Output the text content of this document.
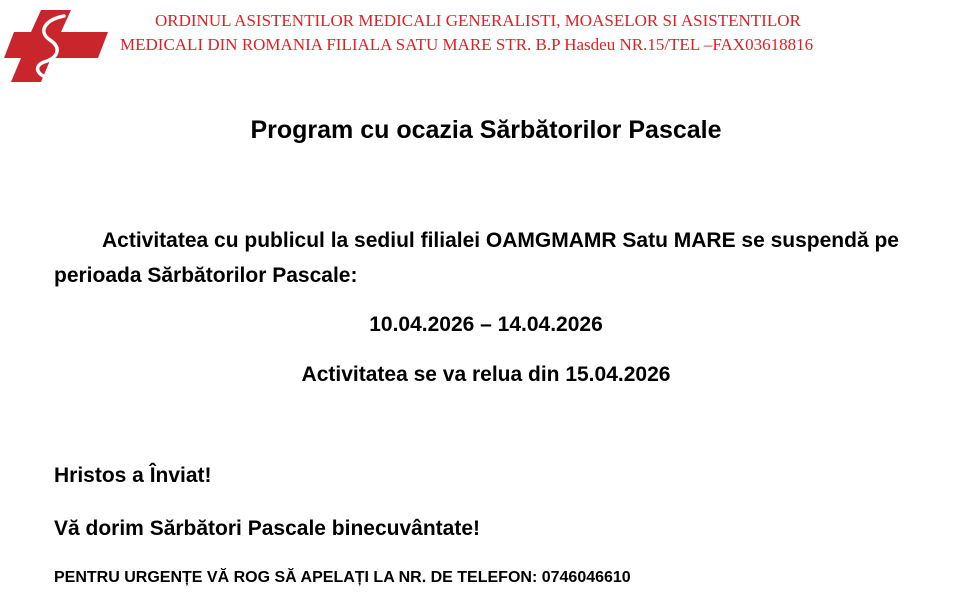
ORDINUL ASISTENTILOR MEDICALI GENERALISTI, MOASELOR SI ASISTENTILOR
MEDICALI DIN ROMANIA FILIALA SATU MARE STR. B.P Hasdeu NR.15/TEL –FAX03618816
Program cu ocazia Sărbătorilor Pascale
Activitatea cu publicul la sediul filialei OAMGMAMR Satu MARE se suspendă pe perioada Sărbătorilor Pascale:
10.04.2026 – 14.04.2026
Activitatea se va relua din 15.04.2026
Hristos a Înviat!
Vă dorim Sărbători Pascale binecuvântate!
PENTRU URGENȚE VĂ ROG SĂ APELAȚI LA NR. DE TELEFON: 0746046610
